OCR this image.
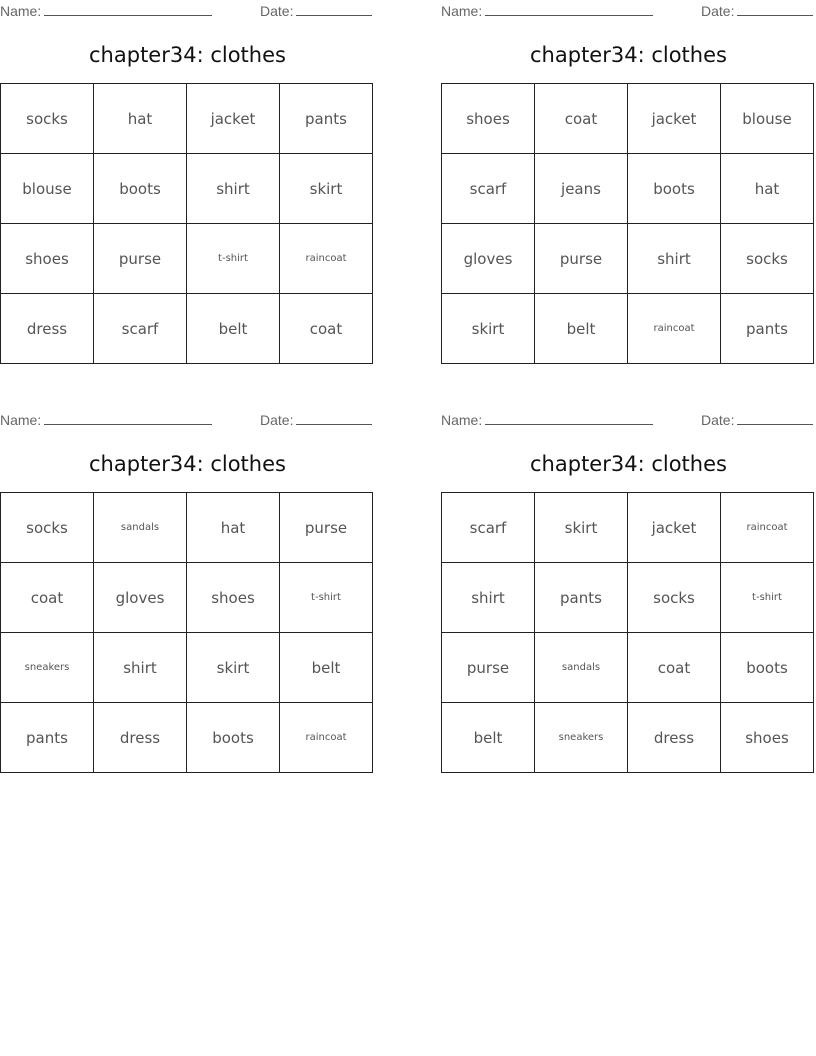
Name:	Date:
chapter34: clothes
socks	hat	jacket	pants
blouse	boots	shirt	skirt
shoes	purse	t-shirt	raincoat
dress	scarf	belt	coat
Name:	Date:
chapter34: clothes
shoes	coat	jacket	blouse
scarf	jeans	boots	hat
gloves	purse	shirt	socks
skirt	belt	raincoat	pants
Name:	Date:
chapter34: clothes
socks	sandals	hat	purse
coat	gloves	shoes	t-shirt
sneakers	shirt	skirt	belt
pants	dress	boots	raincoat
Name:	Date:
chapter34: clothes
scarf	skirt	jacket	raincoat
shirt	pants	socks	t-shirt
purse	sandals	coat	boots
belt	sneakers	dress	shoes
